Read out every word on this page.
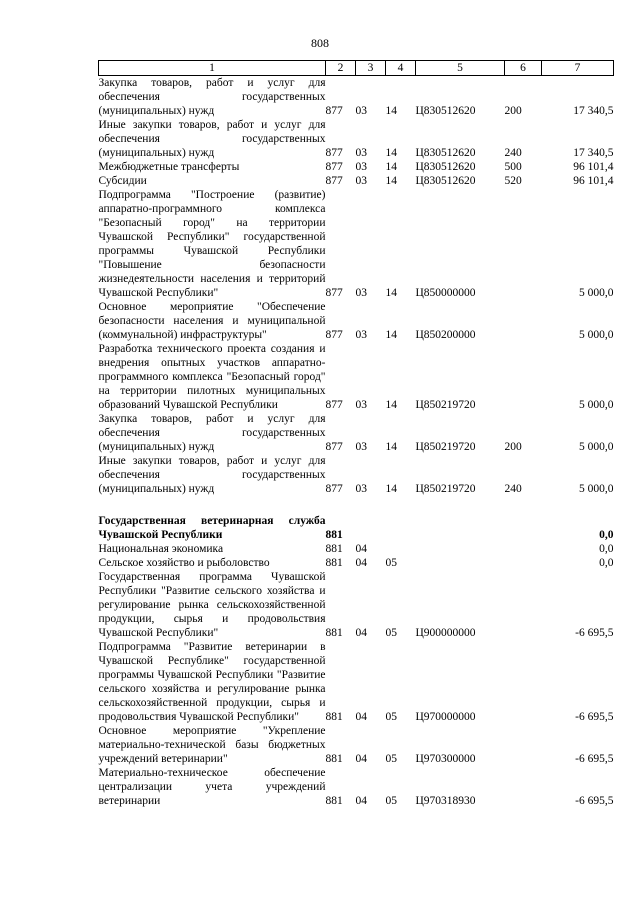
808
1	2	3	4	5	6	7
Закупка товаров, работ и услуг для обеспечения государственных (муниципальных) нужд	877	03	14	Ц830512620	200	17 340,5
Иные закупки товаров, работ и услуг для обеспечения государственных (муниципальных) нужд	877	03	14	Ц830512620	240	17 340,5
Межбюджетные трансферты	877	03	14	Ц830512620	500	96 101,4
Субсидии	877	03	14	Ц830512620	520	96 101,4
Подпрограмма "Построение (развитие) аппаратно-программного комплекса "Безопасный город" на территории Чувашской Республики" государственной программы Чувашской Республики "Повышение безопасности жизнедеятельности населения и территорий Чувашской Республики"	877	03	14	Ц850000000		5 000,0
Основное мероприятие "Обеспечение безопасности населения и муниципальной (коммунальной) инфраструктуры"	877	03	14	Ц850200000		5 000,0
Разработка технического проекта создания и внедрения опытных участков аппаратно-программного комплекса "Безопасный город" на территории пилотных муниципальных образований Чувашской Республики	877	03	14	Ц850219720		5 000,0
Закупка товаров, работ и услуг для обеспечения государственных (муниципальных) нужд	877	03	14	Ц850219720	200	5 000,0
Иные закупки товаров, работ и услуг для обеспечения государственных (муниципальных) нужд	877	03	14	Ц850219720	240	5 000,0

Государственная ветеринарная служба Чувашской Республики	881					0,0
Национальная экономика	881	04				0,0
Сельское хозяйство и рыболовство	881	04	05			0,0
Государственная программа Чувашской Республики "Развитие сельского хозяйства и регулирование рынка сельскохозяйственной продукции, сырья и продовольствия Чувашской Республики"	881	04	05	Ц900000000		-6 695,5
Подпрограмма "Развитие ветеринарии в Чувашской Республике" государственной программы Чувашской Республики "Развитие сельского хозяйства и регулирование рынка сельскохозяйственной продукции, сырья и продовольствия Чувашской Республики"	881	04	05	Ц970000000		-6 695,5
Основное мероприятие "Укрепление материально-технической базы бюджетных учреждений ветеринарии"	881	04	05	Ц970300000		-6 695,5
Материально-техническое обеспечение централизации учета учреждений ветеринарии	881	04	05	Ц970318930		-6 695,5
